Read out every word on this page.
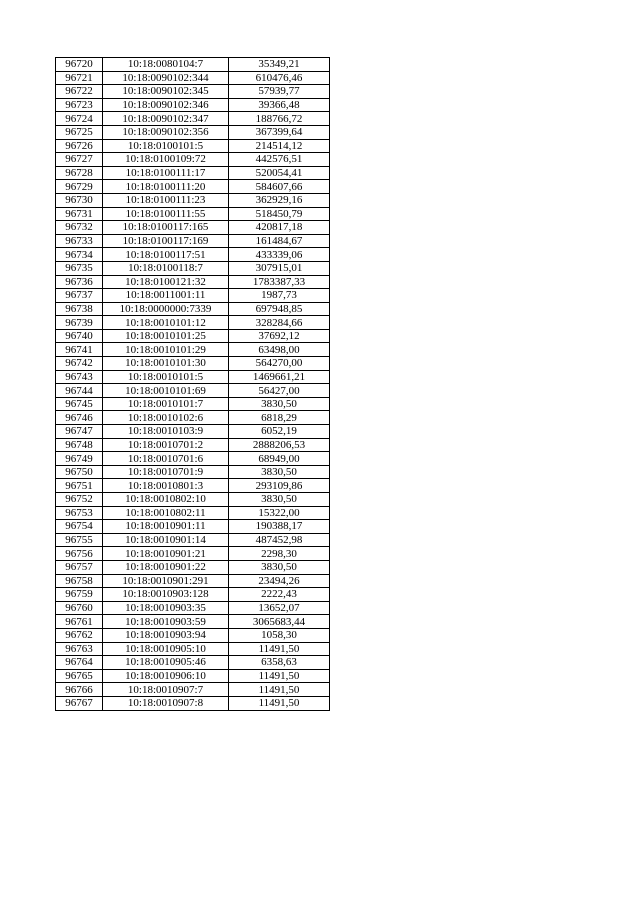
96720	10:18:0080104:7	35349,21
96721	10:18:0090102:344	610476,46
96722	10:18:0090102:345	57939,77
96723	10:18:0090102:346	39366,48
96724	10:18:0090102:347	188766,72
96725	10:18:0090102:356	367399,64
96726	10:18:0100101:5	214514,12
96727	10:18:0100109:72	442576,51
96728	10:18:0100111:17	520054,41
96729	10:18:0100111:20	584607,66
96730	10:18:0100111:23	362929,16
96731	10:18:0100111:55	518450,79
96732	10:18:0100117:165	420817,18
96733	10:18:0100117:169	161484,67
96734	10:18:0100117:51	433339,06
96735	10:18:0100118:7	307915,01
96736	10:18:0100121:32	1783387,33
96737	10:18:0011001:11	1987,73
96738	10:18:0000000:7339	697948,85
96739	10:18:0010101:12	328284,66
96740	10:18:0010101:25	37692,12
96741	10:18:0010101:29	63498,00
96742	10:18:0010101:30	564270,00
96743	10:18:0010101:5	1469661,21
96744	10:18:0010101:69	56427,00
96745	10:18:0010101:7	3830,50
96746	10:18:0010102:6	6818,29
96747	10:18:0010103:9	6052,19
96748	10:18:0010701:2	2888206,53
96749	10:18:0010701:6	68949,00
96750	10:18:0010701:9	3830,50
96751	10:18:0010801:3	293109,86
96752	10:18:0010802:10	3830,50
96753	10:18:0010802:11	15322,00
96754	10:18:0010901:11	190388,17
96755	10:18:0010901:14	487452,98
96756	10:18:0010901:21	2298,30
96757	10:18:0010901:22	3830,50
96758	10:18:0010901:291	23494,26
96759	10:18:0010903:128	2222,43
96760	10:18:0010903:35	13652,07
96761	10:18:0010903:59	3065683,44
96762	10:18:0010903:94	1058,30
96763	10:18:0010905:10	11491,50
96764	10:18:0010905:46	6358,63
96765	10:18:0010906:10	11491,50
96766	10:18:0010907:7	11491,50
96767	10:18:0010907:8	11491,50
